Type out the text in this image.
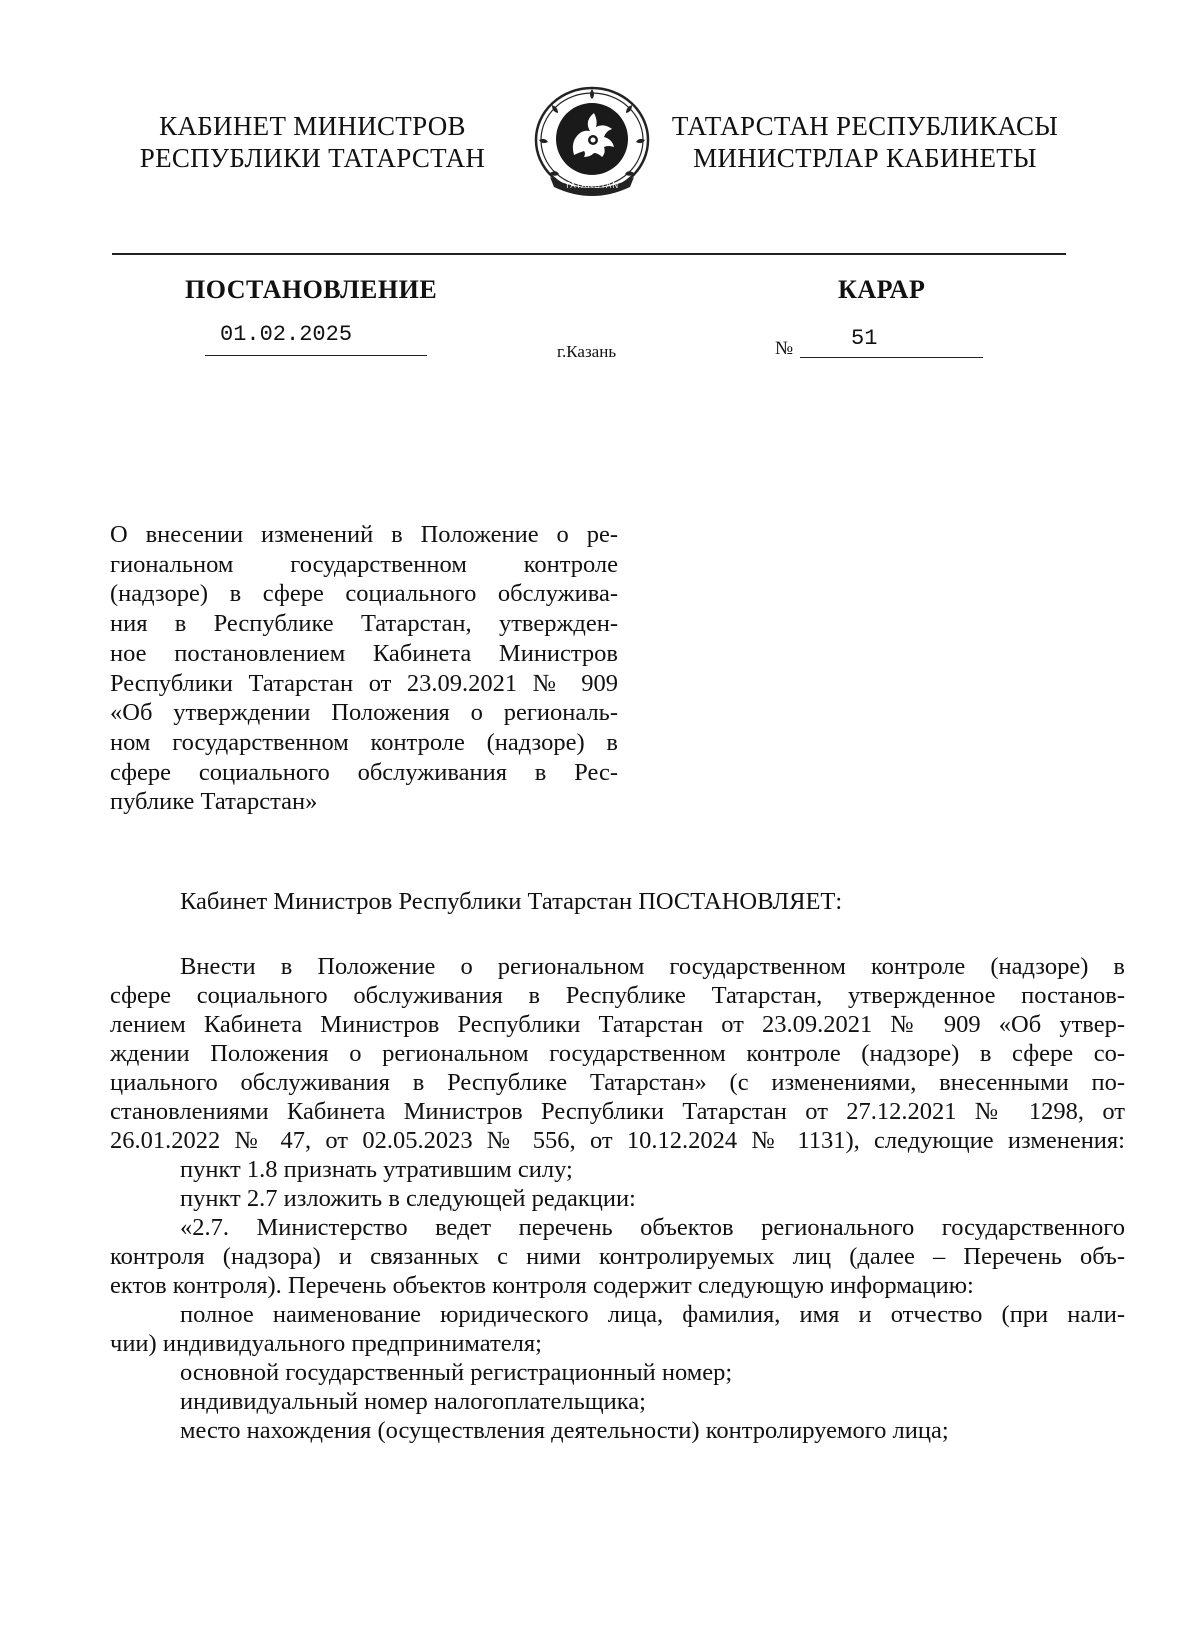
КАБИНЕТ МИНИСТРОВ
РЕСПУБЛИКИ ТАТАРСТАН
TATARSTAN
ТАТАРСТАН РЕСПУБЛИКАСЫ
МИНИСТРЛАР КАБИНЕТЫ
ПОСТАНОВЛЕНИЕ	КАРАР
01.02.2025
г.Казань	№	51
О внесении изменений в Положение о ре-
гиональном государственном контроле
(надзоре) в сфере социального обслужива-
ния в Республике Татарстан, утвержден-
ное постановлением Кабинета Министров
Республики Татарстан от 23.09.2021 № 909
«Об утверждении Положения о региональ-
ном государственном контроле (надзоре) в
сфере социального обслуживания в Рес-
публике Татарстан»
Кабинет Министров Республики Татарстан ПОСТАНОВЛЯЕТ:
Внести в Положение о региональном государственном контроле (надзоре) в
сфере социального обслуживания в Республике Татарстан, утвержденное постанов-
лением Кабинета Министров Республики Татарстан от 23.09.2021 № 909 «Об утвер-
ждении Положения о региональном государственном контроле (надзоре) в сфере со-
циального обслуживания в Республике Татарстан» (с изменениями, внесенными по-
становлениями Кабинета Министров Республики Татарстан от 27.12.2021 № 1298, от
26.01.2022 № 47, от 02.05.2023 № 556, от 10.12.2024 № 1131), следующие изменения:
пункт 1.8 признать утратившим силу;
пункт 2.7 изложить в следующей редакции:
«2.7. Министерство ведет перечень объектов регионального государственного
контроля (надзора) и связанных с ними контролируемых лиц (далее – Перечень объ-
ектов контроля). Перечень объектов контроля содержит следующую информацию:
полное наименование юридического лица, фамилия, имя и отчество (при нали-
чии) индивидуального предпринимателя;
основной государственный регистрационный номер;
индивидуальный номер налогоплательщика;
место нахождения (осуществления деятельности) контролируемого лица;
